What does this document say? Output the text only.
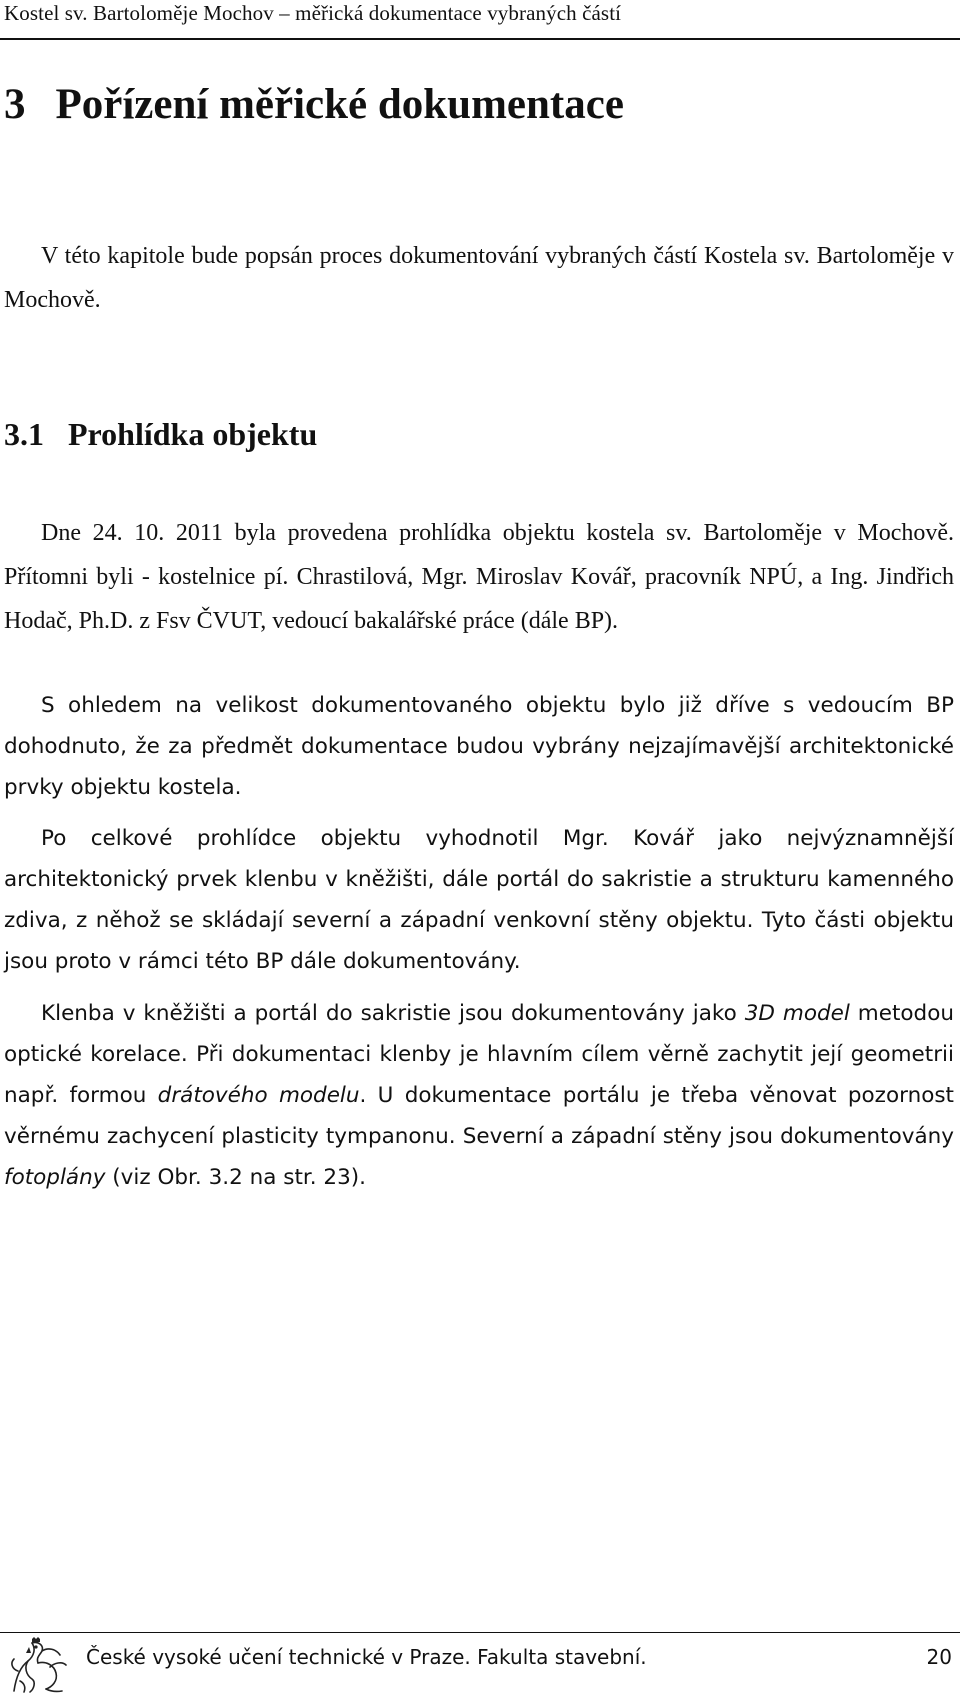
Kostel sv. Bartoloměje Mochov – měřická dokumentace vybraných částí
3 Pořízení měřické dokumentace

V této kapitole bude popsán proces dokumentování vybraných částí Kostela sv. Bartoloměje v Mochově.

3.1 Prohlídka objektu

Dne 24. 10. 2011 byla provedena prohlídka objektu kostela sv. Bartoloměje v Mochově. Přítomni byli - kostelnice pí. Chrastilová, Mgr. Miroslav Kovář, pracovník NPÚ, a Ing. Jindřich Hodač, Ph.D. z Fsv ČVUT, vedoucí bakalářské práce (dále BP).

S ohledem na velikost dokumentovaného objektu bylo již dříve s vedoucím BP dohodnuto, že za předmět dokumentace budou vybrány nejzajímavější architektonické prvky objektu kostela.

Po celkové prohlídce objektu vyhodnotil Mgr. Kovář jako nejvýznamnější architektonický prvek klenbu v kněžišti, dále portál do sakristie a strukturu kamenného zdiva, z něhož se skládají severní a západní venkovní stěny objektu. Tyto části objektu jsou proto v rámci této BP dále dokumentovány.

Klenba v kněžišti a portál do sakristie jsou dokumentovány jako 3D model metodou optické korelace. Při dokumentaci klenby je hlavním cílem věrně zachytit její geometrii např. formou drátového modelu. U dokumentace portálu je třeba věnovat pozornost věrnému zachycení plasticity tympanonu. Severní a západní stěny jsou dokumentovány fotoplány (viz Obr. 3.2 na str. 23).

České vysoké učení technické v Praze. Fakulta stavební.	20
